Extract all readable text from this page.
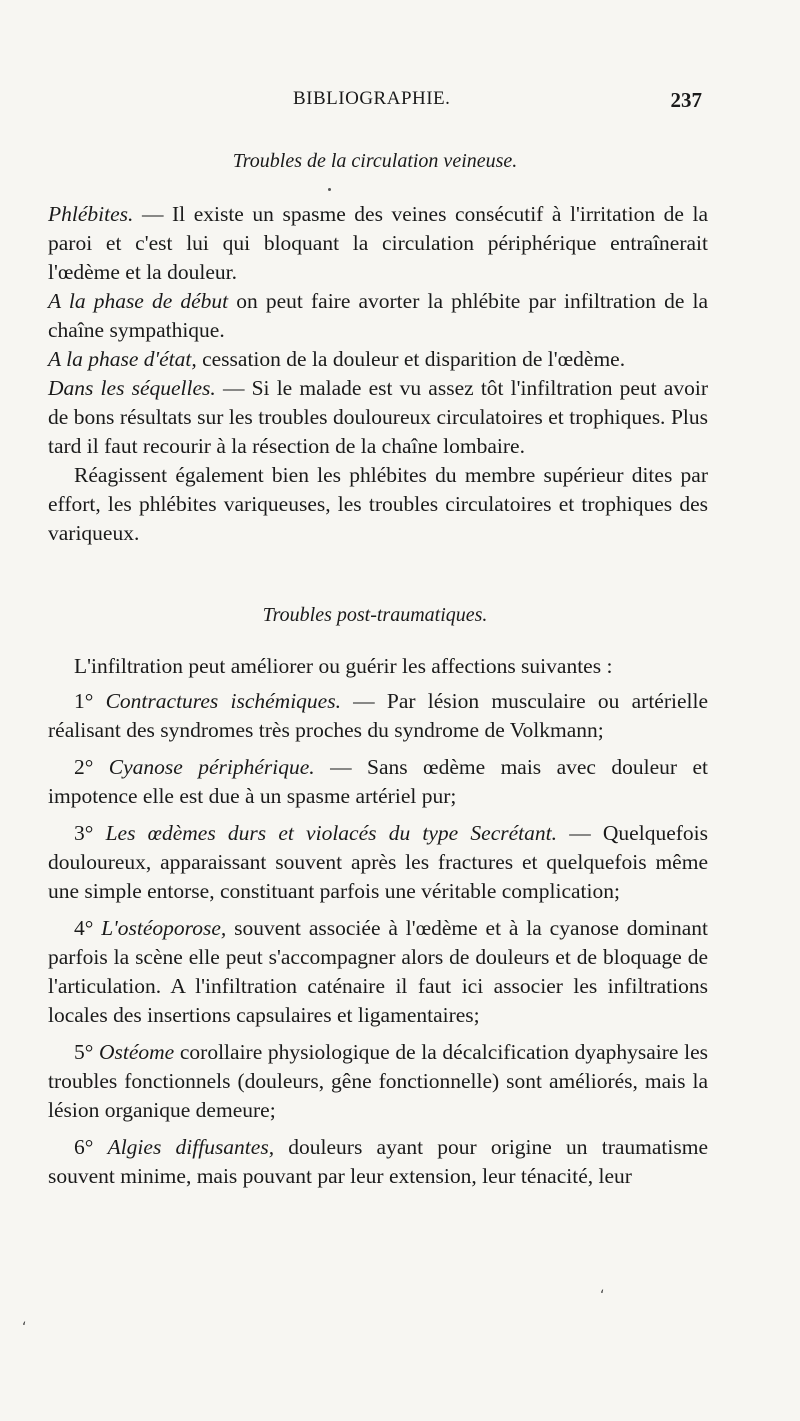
BIBLIOGRAPHIE.	237
Troubles de la circulation veineuse.

Phlébites. — Il existe un spasme des veines consécutif à l'irritation de la paroi et c'est lui qui bloquant la circulation périphérique entraînerait l'œdème et la douleur.

A la phase de début on peut faire avorter la phlébite par infiltration de la chaîne sympathique.

A la phase d'état, cessation de la douleur et disparition de l'œdème.

Dans les séquelles. — Si le malade est vu assez tôt l'infiltration peut avoir de bons résultats sur les troubles douloureux circulatoires et trophiques. Plus tard il faut recourir à la résection de la chaîne lombaire.

Réagissent également bien les phlébites du membre supérieur dites par effort, les phlébites variqueuses, les troubles circulatoires et trophiques des variqueux.

Troubles post-traumatiques.

L'infiltration peut améliorer ou guérir les affections suivantes :

1° Contractures ischémiques. — Par lésion musculaire ou artérielle réalisant des syndromes très proches du syndrome de Volkmann;

2° Cyanose périphérique. — Sans œdème mais avec douleur et impotence elle est due à un spasme artériel pur;

3° Les œdèmes durs et violacés du type Secrétant. — Quelquefois douloureux, apparaissant souvent après les fractures et quelquefois même une simple entorse, constituant parfois une véritable complication;

4° L'ostéoporose, souvent associée à l'œdème et à la cyanose dominant parfois la scène elle peut s'accompagner alors de douleurs et de bloquage de l'articulation. A l'infiltration caténaire il faut ici associer les infiltrations locales des insertions capsulaires et ligamentaires;

5° Ostéome corollaire physiologique de la décalcification dyaphysaire les troubles fonctionnels (douleurs, gêne fonctionnelle) sont améliorés, mais la lésion organique demeure;

6° Algies diffusantes, douleurs ayant pour origine un traumatisme souvent minime, mais pouvant par leur extension, leur ténacité, leur

‘
‘
